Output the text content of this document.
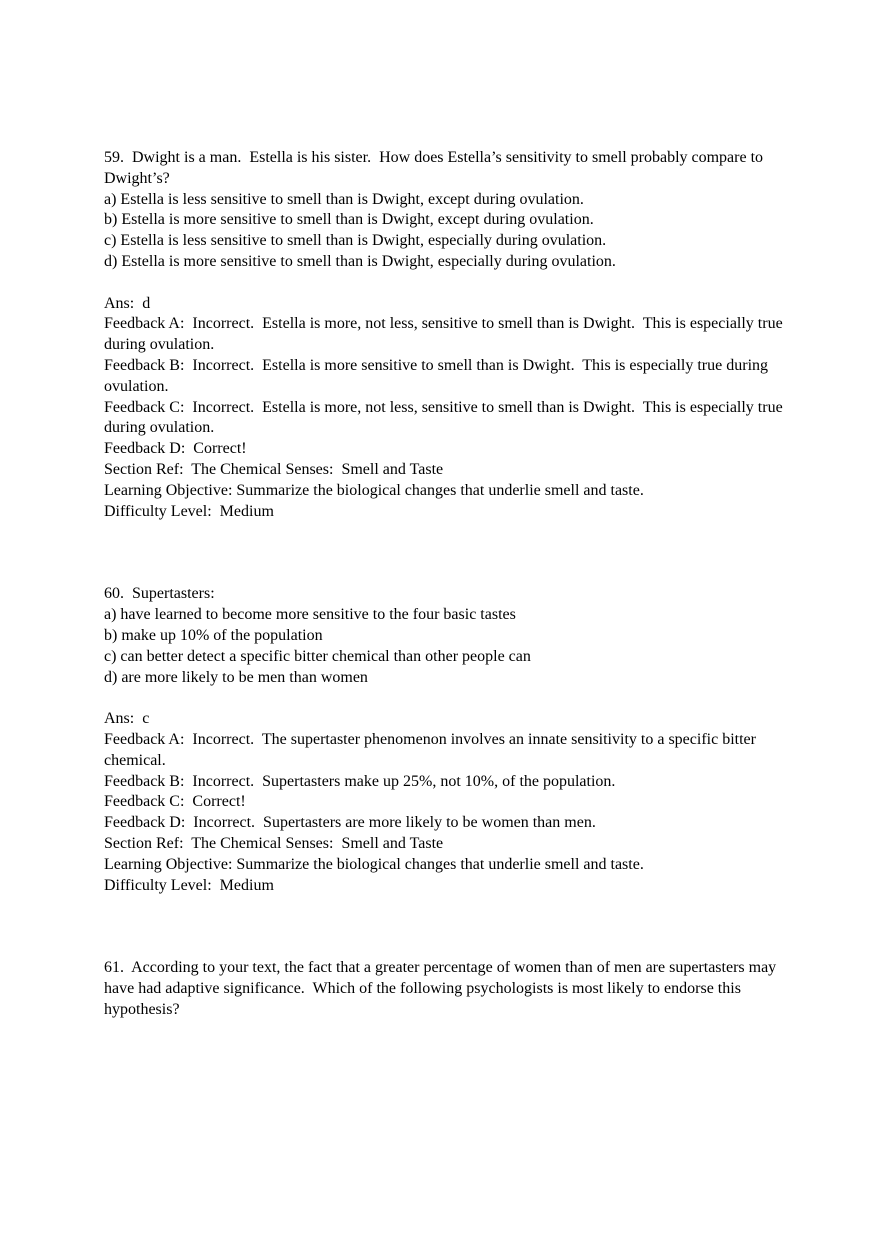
59.  Dwight is a man.  Estella is his sister.  How does Estella’s sensitivity to smell probably compare to Dwight’s?
a) Estella is less sensitive to smell than is Dwight, except during ovulation.
b) Estella is more sensitive to smell than is Dwight, except during ovulation.
c) Estella is less sensitive to smell than is Dwight, especially during ovulation.
d) Estella is more sensitive to smell than is Dwight, especially during ovulation.
Ans:  d
Feedback A:  Incorrect.  Estella is more, not less, sensitive to smell than is Dwight.  This is especially true during ovulation.
Feedback B:  Incorrect.  Estella is more sensitive to smell than is Dwight.  This is especially true during ovulation.
Feedback C:  Incorrect.  Estella is more, not less, sensitive to smell than is Dwight.  This is especially true during ovulation.
Feedback D:  Correct!
Section Ref:  The Chemical Senses:  Smell and Taste
Learning Objective: Summarize the biological changes that underlie smell and taste.
Difficulty Level:  Medium
60.  Supertasters:
a) have learned to become more sensitive to the four basic tastes
b) make up 10% of the population
c) can better detect a specific bitter chemical than other people can
d) are more likely to be men than women
Ans:  c
Feedback A:  Incorrect.  The supertaster phenomenon involves an innate sensitivity to a specific bitter chemical.
Feedback B:  Incorrect.  Supertasters make up 25%, not 10%, of the population.
Feedback C:  Correct!
Feedback D:  Incorrect.  Supertasters are more likely to be women than men.
Section Ref:  The Chemical Senses:  Smell and Taste
Learning Objective: Summarize the biological changes that underlie smell and taste.
Difficulty Level:  Medium
61.  According to your text, the fact that a greater percentage of women than of men are supertasters may have had adaptive significance.  Which of the following psychologists is most likely to endorse this hypothesis?
